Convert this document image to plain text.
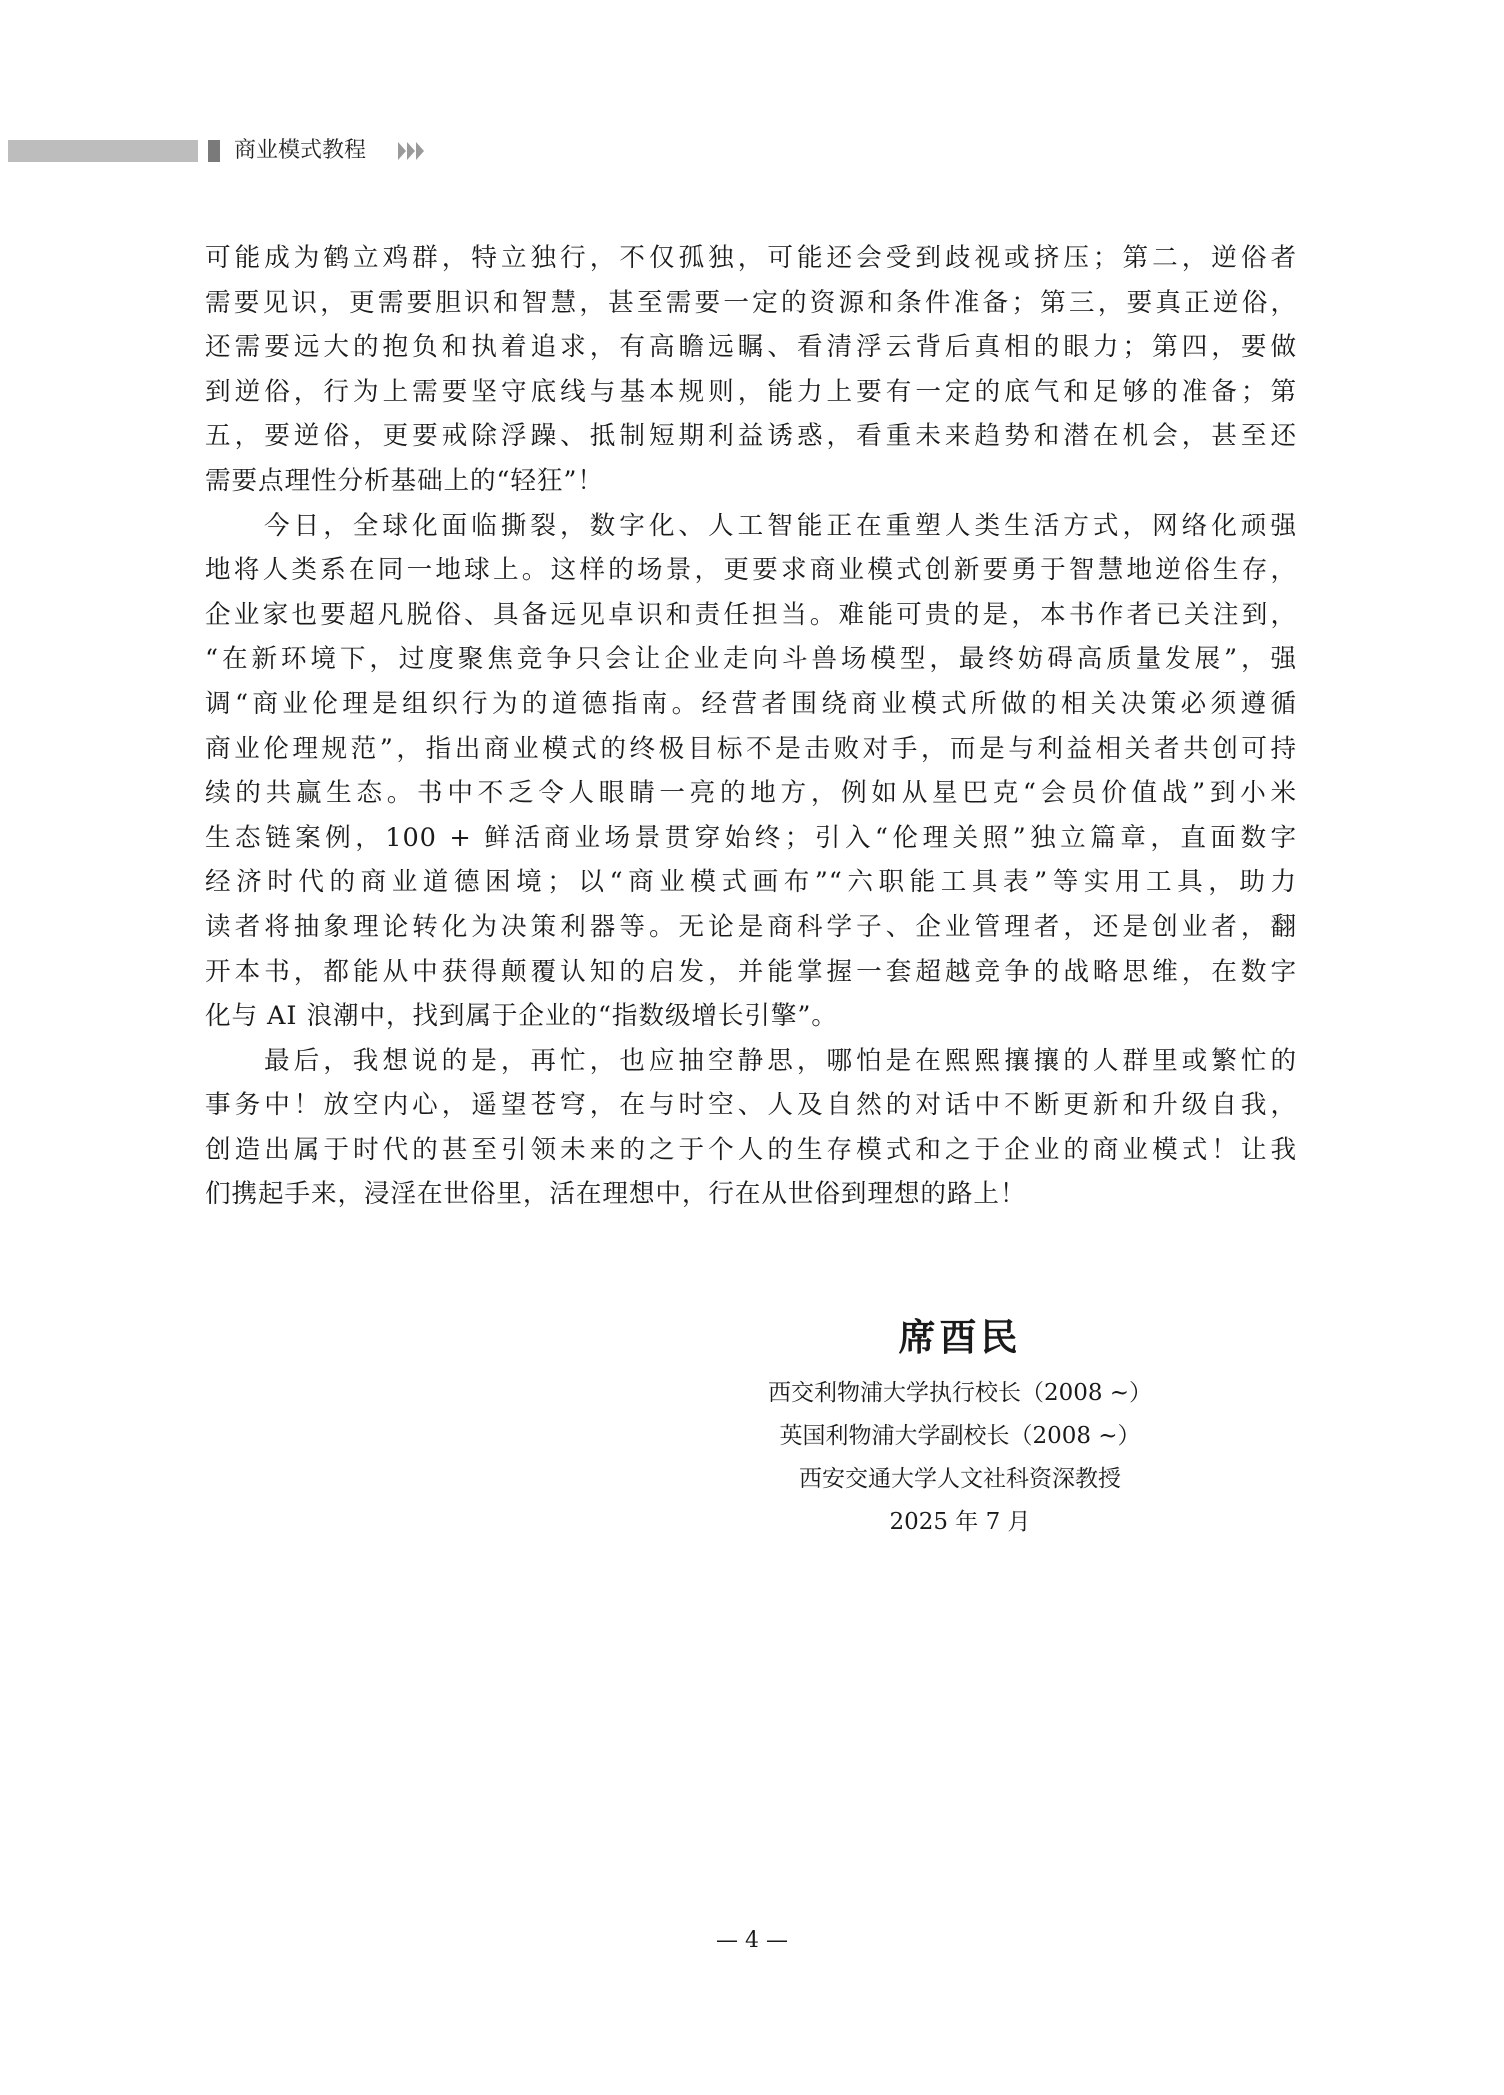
商业模式教程
可能成为鹤立鸡群，特立独行，不仅孤独，可能还会受到歧视或挤压；第二，逆俗者
需要见识，更需要胆识和智慧，甚至需要一定的资源和条件准备；第三，要真正逆俗，
还需要远大的抱负和执着追求，有高瞻远瞩、看清浮云背后真相的眼力；第四，要做
到逆俗，行为上需要坚守底线与基本规则，能力上要有一定的底气和足够的准备；第
五，要逆俗，更要戒除浮躁、抵制短期利益诱惑，看重未来趋势和潜在机会，甚至还
需要点理性分析基础上的“轻狂”！
今日，全球化面临撕裂，数字化、人工智能正在重塑人类生活方式，网络化顽强
地将人类系在同一地球上。这样的场景，更要求商业模式创新要勇于智慧地逆俗生存，
企业家也要超凡脱俗、具备远见卓识和责任担当。难能可贵的是，本书作者已关注到，
“在新环境下，过度聚焦竞争只会让企业走向斗兽场模型，最终妨碍高质量发展”，强
调“商业伦理是组织行为的道德指南。经营者围绕商业模式所做的相关决策必须遵循
商业伦理规范”，指出商业模式的终极目标不是击败对手，而是与利益相关者共创可持
续的共赢生态。书中不乏令人眼睛一亮的地方，例如从星巴克“会员价值战”到小米
生态链案例，100 + 鲜活商业场景贯穿始终；引入“伦理关照”独立篇章，直面数字
经济时代的商业道德困境；以“商业模式画布”“六职能工具表”等实用工具，助力
读者将抽象理论转化为决策利器等。无论是商科学子、企业管理者，还是创业者，翻
开本书，都能从中获得颠覆认知的启发，并能掌握一套超越竞争的战略思维，在数字
化与 AI 浪潮中，找到属于企业的“指数级增长引擎”。
最后，我想说的是，再忙，也应抽空静思，哪怕是在熙熙攘攘的人群里或繁忙的
事务中！放空内心，遥望苍穹，在与时空、人及自然的对话中不断更新和升级自我，
创造出属于时代的甚至引领未来的之于个人的生存模式和之于企业的商业模式！让我
们携起手来，浸淫在世俗里，活在理想中，行在从世俗到理想的路上！
席酉民
西交利物浦大学执行校长（2008 ~）
英国利物浦大学副校长（2008 ~）
西安交通大学人文社科资深教授
2025 年 7 月
— 4 —
